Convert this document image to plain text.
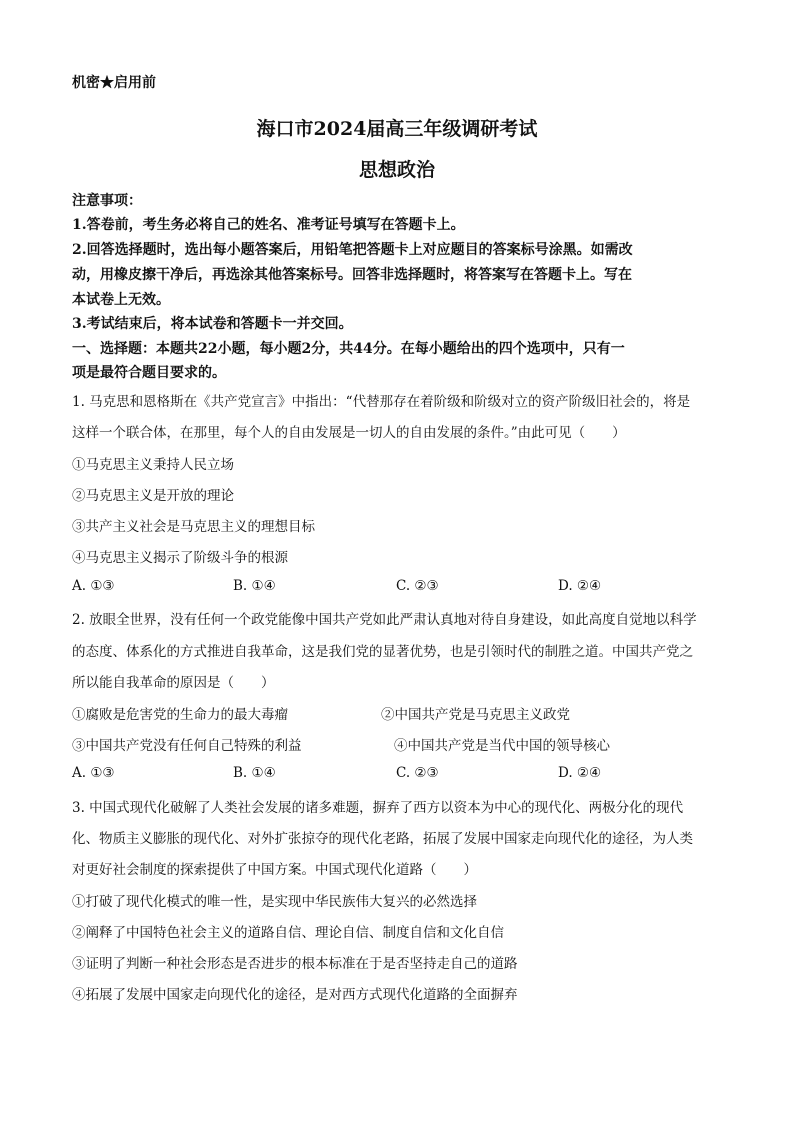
机密★启用前
海口市2024届高三年级调研考试
思想政治
注意事项：
1.答卷前，考生务必将自己的姓名、准考证号填写在答题卡上。
2.回答选择题时，选出每小题答案后，用铅笔把答题卡上对应题目的答案标号涂黑。如需改
动，用橡皮擦干净后，再选涂其他答案标号。回答非选择题时，将答案写在答题卡上。写在
本试卷上无效。
3.考试结束后，将本试卷和答题卡一并交回。
一、选择题：本题共22小题，每小题2分，共44分。在每小题给出的四个选项中，只有一
项是最符合题目要求的。
1. 马克思和恩格斯在《共产党宣言》中指出：“代替那存在着阶级和阶级对立的资产阶级旧社会的，将是
这样一个联合体，在那里，每个人的自由发展是一切人的自由发展的条件。”由此可见（　　）
①马克思主义秉持人民立场
②马克思主义是开放的理论
③共产主义社会是马克思主义的理想目标
④马克思主义揭示了阶级斗争的根源
A. ①③	B. ①④	C. ②③	D. ②④
2. 放眼全世界，没有任何一个政党能像中国共产党如此严肃认真地对待自身建设，如此高度自觉地以科学
的态度、体系化的方式推进自我革命，这是我们党的显著优势，也是引领时代的制胜之道。中国共产党之
所以能自我革命的原因是（　　）
①腐败是危害党的生命力的最大毒瘤	②中国共产党是马克思主义政党
③中国共产党没有任何自己特殊的利益	④中国共产党是当代中国的领导核心
A. ①③	B. ①④	C. ②③	D. ②④
3. 中国式现代化破解了人类社会发展的诸多难题，摒弃了西方以资本为中心的现代化、两极分化的现代
化、物质主义膨胀的现代化、对外扩张掠夺的现代化老路，拓展了发展中国家走向现代化的途径，为人类
对更好社会制度的探索提供了中国方案。中国式现代化道路（　　）
①打破了现代化模式的唯一性，是实现中华民族伟大复兴的必然选择
②阐释了中国特色社会主义的道路自信、理论自信、制度自信和文化自信
③证明了判断一种社会形态是否进步的根本标准在于是否坚持走自己的道路
④拓展了发展中国家走向现代化的途径，是对西方式现代化道路的全面摒弃
